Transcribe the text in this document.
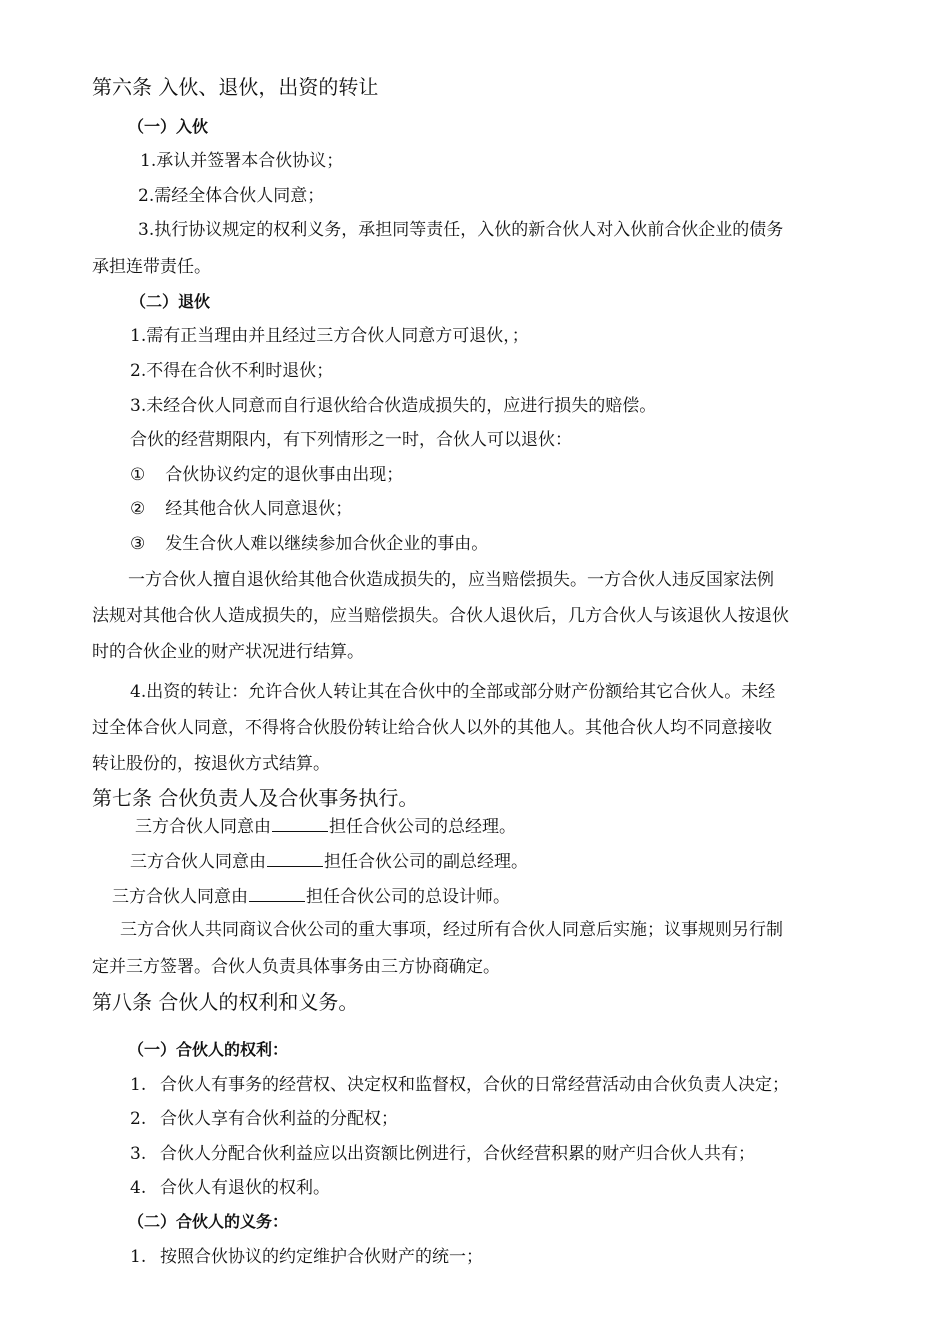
第六条 入伙、退伙，出资的转让
（一）入伙
1.承认并签署本合伙协议；
2.需经全体合伙人同意；
3.执行协议规定的权利义务，承担同等责任，入伙的新合伙人对入伙前合伙企业的债务
承担连带责任。
（二）退伙
1.需有正当理由并且经过三方合伙人同意方可退伙，；
2.不得在合伙不利时退伙；
3.未经合伙人同意而自行退伙给合伙造成损失的，应进行损失的赔偿。
合伙的经营期限内，有下列情形之一时，合伙人可以退伙：
① 合伙协议约定的退伙事由出现；
② 经其他合伙人同意退伙；
③ 发生合伙人难以继续参加合伙企业的事由。
一方合伙人擅自退伙给其他合伙造成损失的，应当赔偿损失。一方合伙人违反国家法例
法规对其他合伙人造成损失的，应当赔偿损失。合伙人退伙后，几方合伙人与该退伙人按退伙
时的合伙企业的财产状况进行结算。
4.出资的转让：允许合伙人转让其在合伙中的全部或部分财产份额给其它合伙人。未经
过全体合伙人同意，不得将合伙股份转让给合伙人以外的其他人。其他合伙人均不同意接收
转让股份的，按退伙方式结算。
第七条 合伙负责人及合伙事务执行。
三方合伙人同意由	担任合伙公司的总经理。
三方合伙人同意由	担任合伙公司的副总经理。
三方合伙人同意由	担任合伙公司的总设计师。
三方合伙人共同商议合伙公司的重大事项，经过所有合伙人同意后实施；议事规则另行制
定并三方签署。合伙人负责具体事务由三方协商确定。
第八条 合伙人的权利和义务。
（一）合伙人的权利：
1. 合伙人有事务的经营权、决定权和监督权，合伙的日常经营活动由合伙负责人决定；
2. 合伙人享有合伙利益的分配权；
3. 合伙人分配合伙利益应以出资额比例进行，合伙经营积累的财产归合伙人共有；
4. 合伙人有退伙的权利。
（二）合伙人的义务：
1. 按照合伙协议的约定维护合伙财产的统一；
